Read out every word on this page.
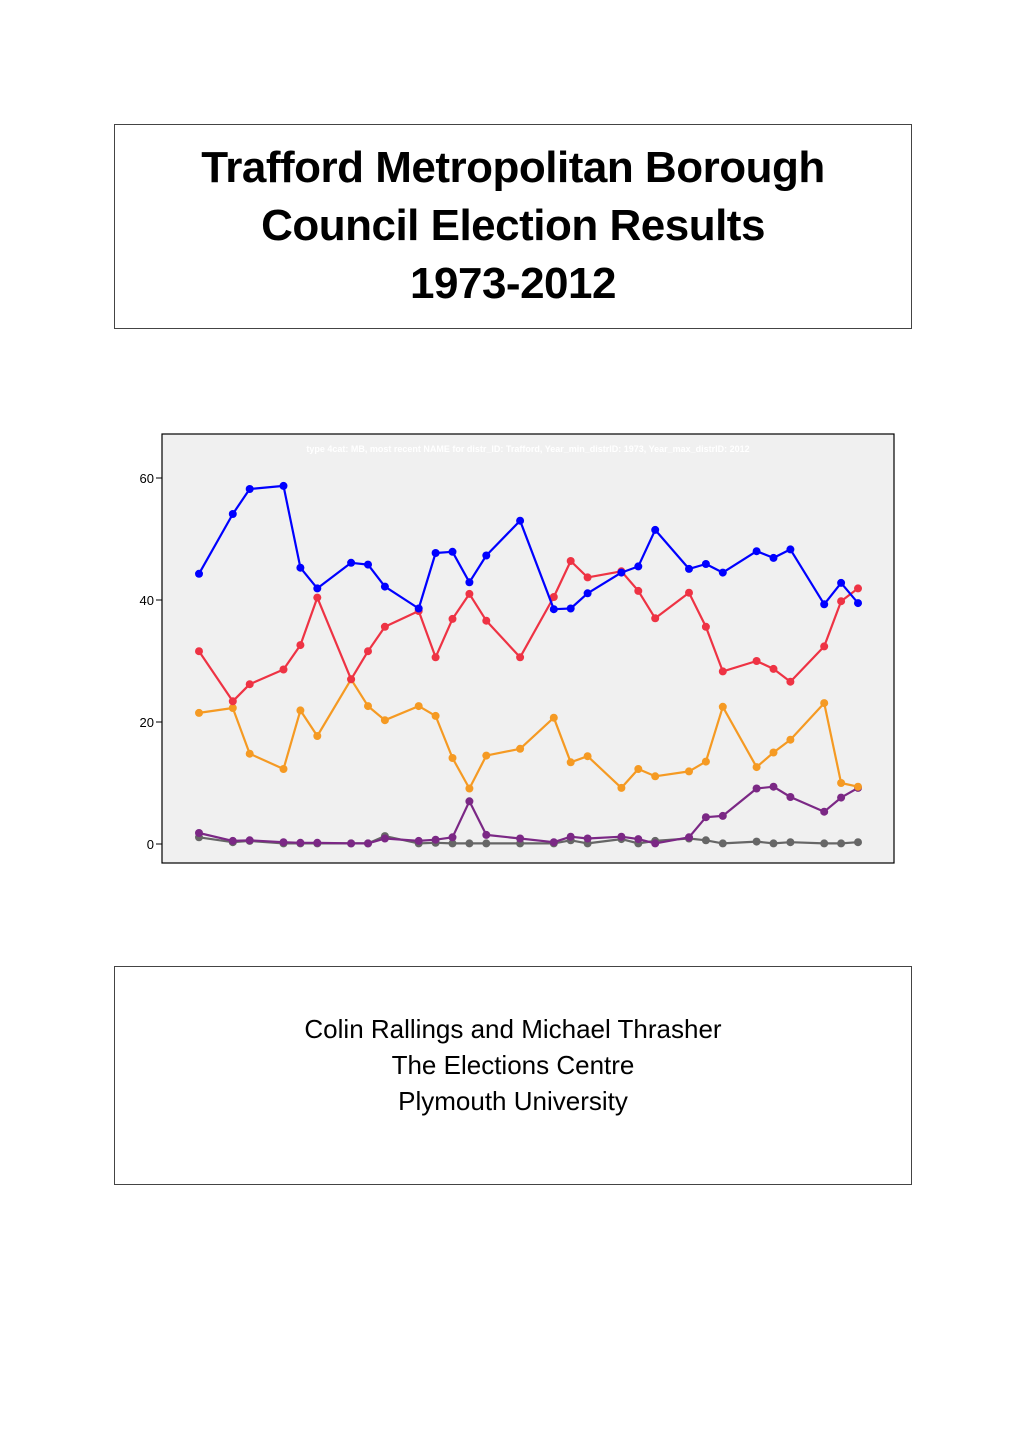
Trafford Metropolitan Borough
Council Election Results
1973-2012
type 4cat: MB, most recent NAME for distr_ID: Trafford, Year_min_distrID: 1973, Year_max_distrID: 2012
0
20
40
60
Colin Rallings and Michael Thrasher
The Elections Centre
Plymouth University
